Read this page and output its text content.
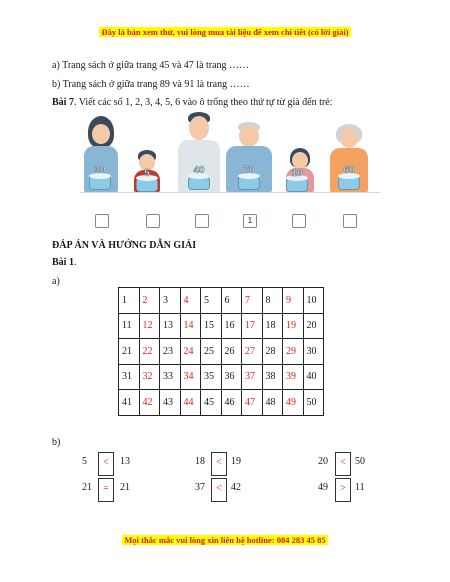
Đây là bản xem thử, vui lòng mua tài liệu để xem chi tiết (có lời giải)
a) Trang sách ở giữa trang 45 và 47 là trang ……
b) Trang sách ở giữa trang 89 và 91 là trang ……
Bài 7. Viết các số 1, 2, 3, 4, 5, 6 vào ô trống theo thứ tự từ già đến trẻ:
30	5	40	70	10	60
1
ĐÁP ÁN VÀ HƯỚNG DẪN GIẢI
Bài 1.
a)
1	2	3	4	5	6	7	8	9	10
11	12	13	14	15	16	17	18	19	20
21	22	23	24	25	26	27	28	29	30
31	32	33	34	35	36	37	38	39	40
41	42	43	44	45	46	47	48	49	50
b)
5	<	13	18	< 19	20	< 50
21	=	21	37	< 42	49	> 11
Mọi thắc mắc vui lòng xin liên hệ hotline: 084 283 45 85
